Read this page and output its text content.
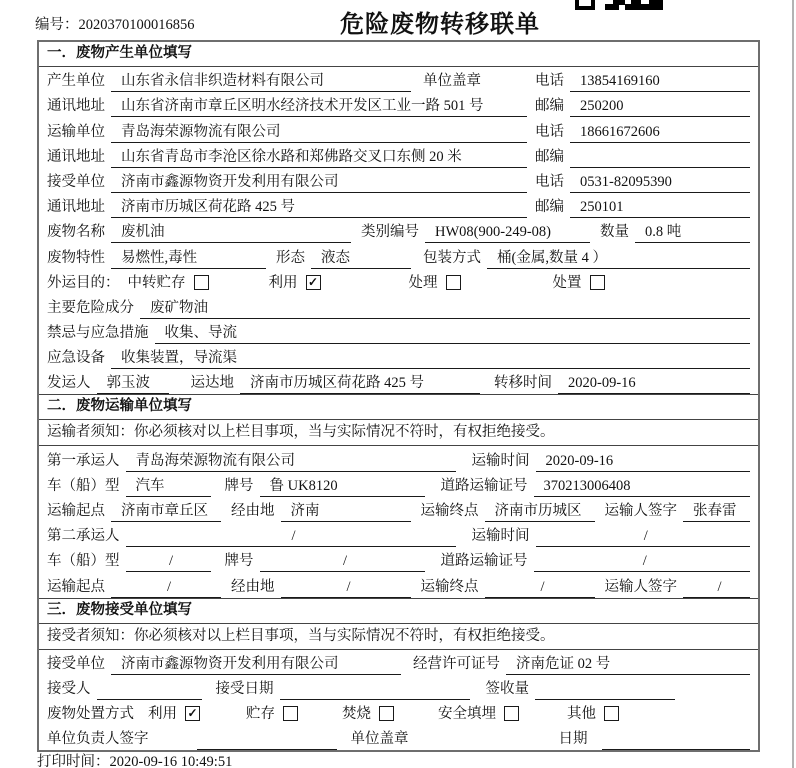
编号：2020370100016856	危险废物转移联单
一．废物产生单位填写
产生单位	山东省永信非织造材料有限公司	单位盖章	电话	13854169160
通讯地址	山东省济南市章丘区明水经济技术开发区工业一路 501 号	邮编	250200
运输单位	青岛海荣源物流有限公司	电话	18661672606
通讯地址	山东省青岛市李沧区徐水路和郑佛路交叉口东侧 20 米	邮编
接受单位	济南市鑫源物资开发利用有限公司	电话	0531-82095390
通讯地址	济南市历城区荷花路 425 号	邮编	250101
废物名称	废机油	类别编号	HW08(900-249-08)	数量	0.8 吨
废物特性	易燃性,毒性	形态	液态	包装方式	桶(金属,数量 4 ）
外运目的： 中转贮存	利用 ✓	处理	处置
主要危险成分	废矿物油
禁忌与应急措施	收集、导流
应急设备	收集装置，导流渠
发运人	郭玉波	运达地	济南市历城区荷花路 425 号	转移时间	2020-09-16
二．废物运输单位填写
运输者须知：你必须核对以上栏目事项，当与实际情况不符时，有权拒绝接受。
第一承运人	青岛海荣源物流有限公司	运输时间	2020-09-16
车（船）型	汽车	牌号	鲁 UK8120	道路运输证号	370213006408
运输起点	济南市章丘区	经由地	济南	运输终点	济南市历城区	运输人签字	张春雷
第二承运人	/	运输时间	/
车（船）型	/	牌号	/	道路运输证号	/
运输起点	/	经由地	/	运输终点	/	运输人签字	/
三．废物接受单位填写
接受者须知：你必须核对以上栏目事项，当与实际情况不符时，有权拒绝接受。
接受单位	济南市鑫源物资开发利用有限公司	经营许可证号	济南危证 02 号
接受人	接受日期	签收量
废物处置方式 利用 ✓	贮存	焚烧	安全填埋	其他
单位负责人签字	单位盖章	日期
打印时间：2020-09-16 10:49:51
